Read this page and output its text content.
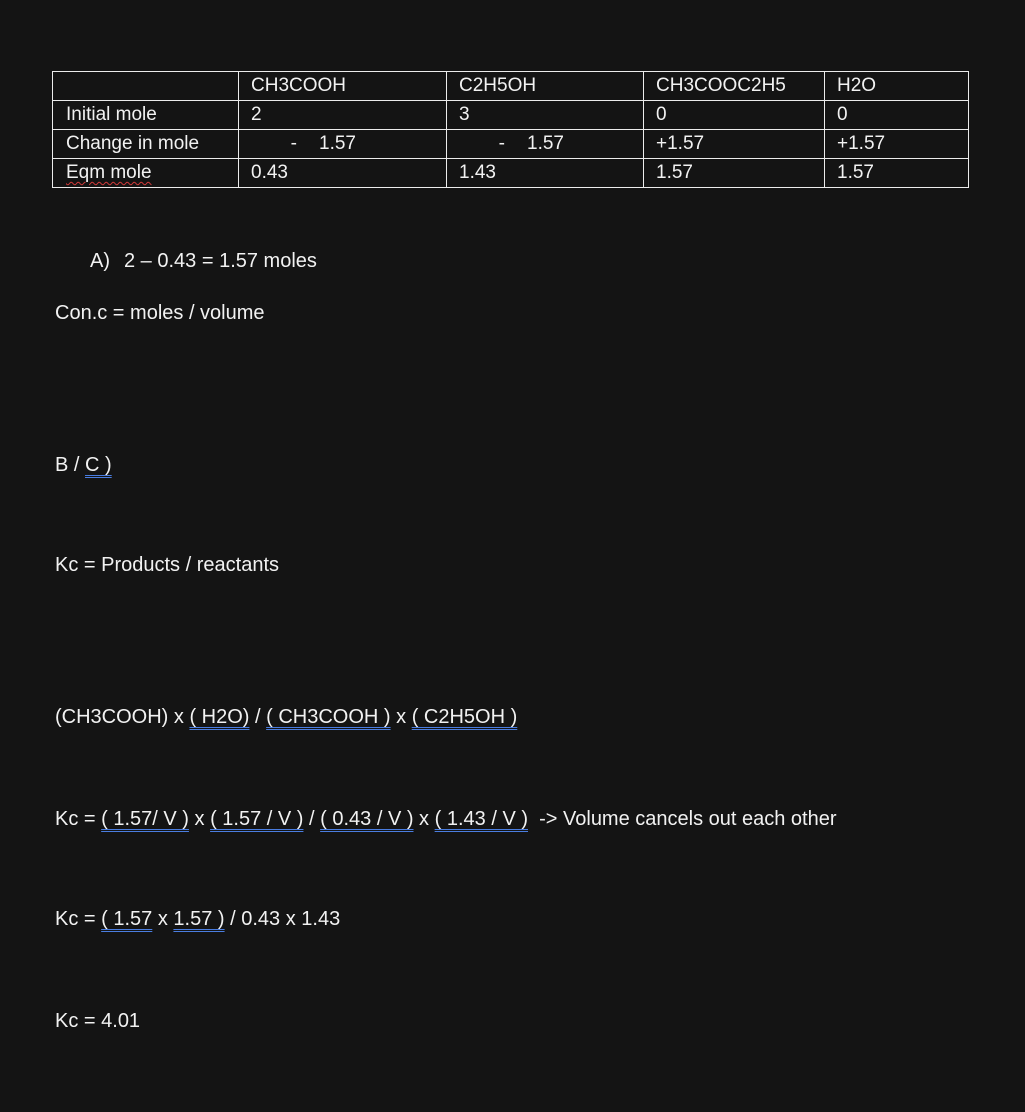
	CH3COOH	C2H5OH	CH3COOC2H5	H2O
Initial mole	2	3	0	0
Change in mole	- 1.57	- 1.57	+1.57	+1.57
Eqm mole	0.43	1.43	1.57	1.57
A) 2 – 0.43 = 1.57 moles
Con.c = moles / volume
B / C )
Kc = Products / reactants
(CH3COOH) x ( H2O) / ( CH3COOH ) x ( C2H5OH )
Kc = ( 1.57/ V ) x ( 1.57 / V ) / ( 0.43 / V ) x ( 1.43 / V )  -> Volume cancels out each other
Kc = ( 1.57 x 1.57 ) / 0.43 x 1.43
Kc = 4.01
